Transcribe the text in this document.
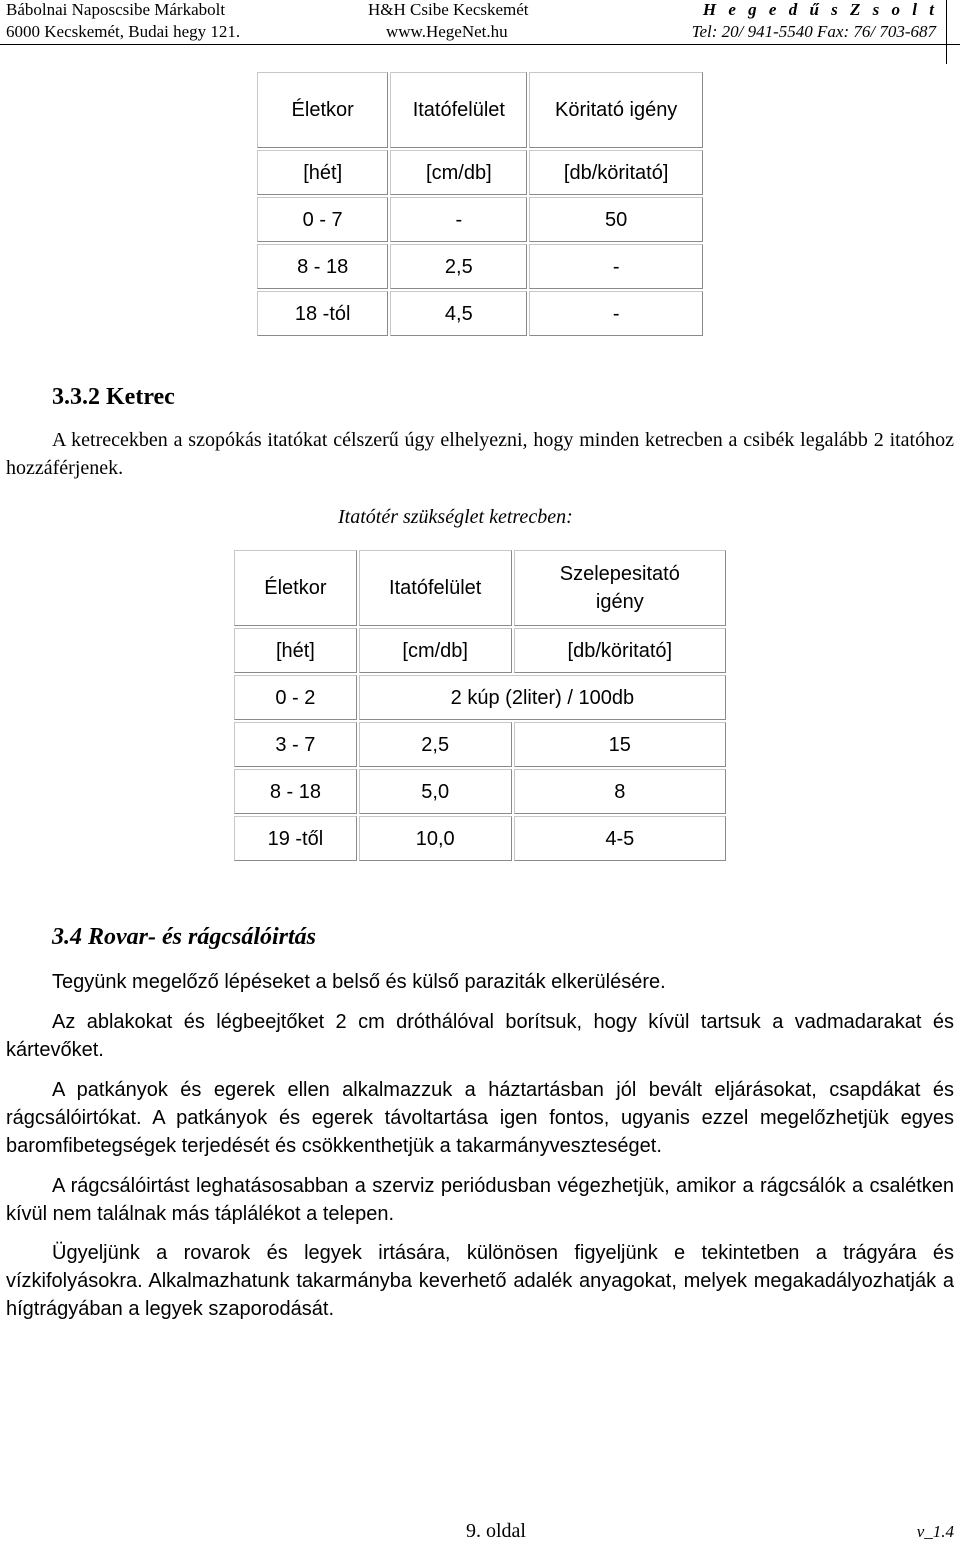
Bábolnai Naposcsibe Márkabolt
6000 Kecskemét, Budai hegy 121.
H&H Csibe Kecskemét
www.HegeNet.hu
H e g e d ű s Z s o l t
Tel: 20/ 941-5540 Fax: 76/ 703-687
Életkor	Itatófelület	Köritató igény
[hét]	[cm/db]	[db/köritató]
0 - 7	-	50
8 - 18	2,5	-
18 -tól	4,5	-
3.3.2 Ketrec
A ketrecekben a szopókás itatókat célszerű úgy elhelyezni, hogy minden ketrecben a csibék legalább 2 itatóhoz hozzáférjenek.
Itatótér szükséglet ketrecben:
Életkor	Itatófelület	Szelepesitató igény
[hét]	[cm/db]	[db/köritató]
0 - 2	2 kúp (2liter) / 100db	
3 - 7	2,5	15
8 - 18	5,0	8
19 -től	10,0	4-5
3.4 Rovar- és rágcsálóirtás
Tegyünk megelőző lépéseket a belső és külső paraziták elkerülésére.
Az ablakokat és légbeejtőket 2 cm dróthálóval borítsuk, hogy kívül tartsuk a vadmadarakat és kártevőket.
A patkányok és egerek ellen alkalmazzuk a háztartásban jól bevált eljárásokat, csapdákat és rágcsálóirtókat. A patkányok és egerek távoltartása igen fontos, ugyanis ezzel megelőzhetjük egyes baromfibetegségek terjedését és csökkenthetjük a takarmányveszteséget.
A rágcsálóirtást leghatásosabban a szerviz periódusban végezhetjük, amikor a rágcsálók a csalétken kívül nem találnak más táplálékot a telepen.
Ügyeljünk a rovarok és legyek irtására, különösen figyeljünk e tekintetben a trágyára és vízkifolyásokra. Alkalmazhatunk takarmányba keverhető adalék anyagokat, melyek megakadályozhatják a hígtrágyában a legyek szaporodását.
9. oldal	v_1.4
